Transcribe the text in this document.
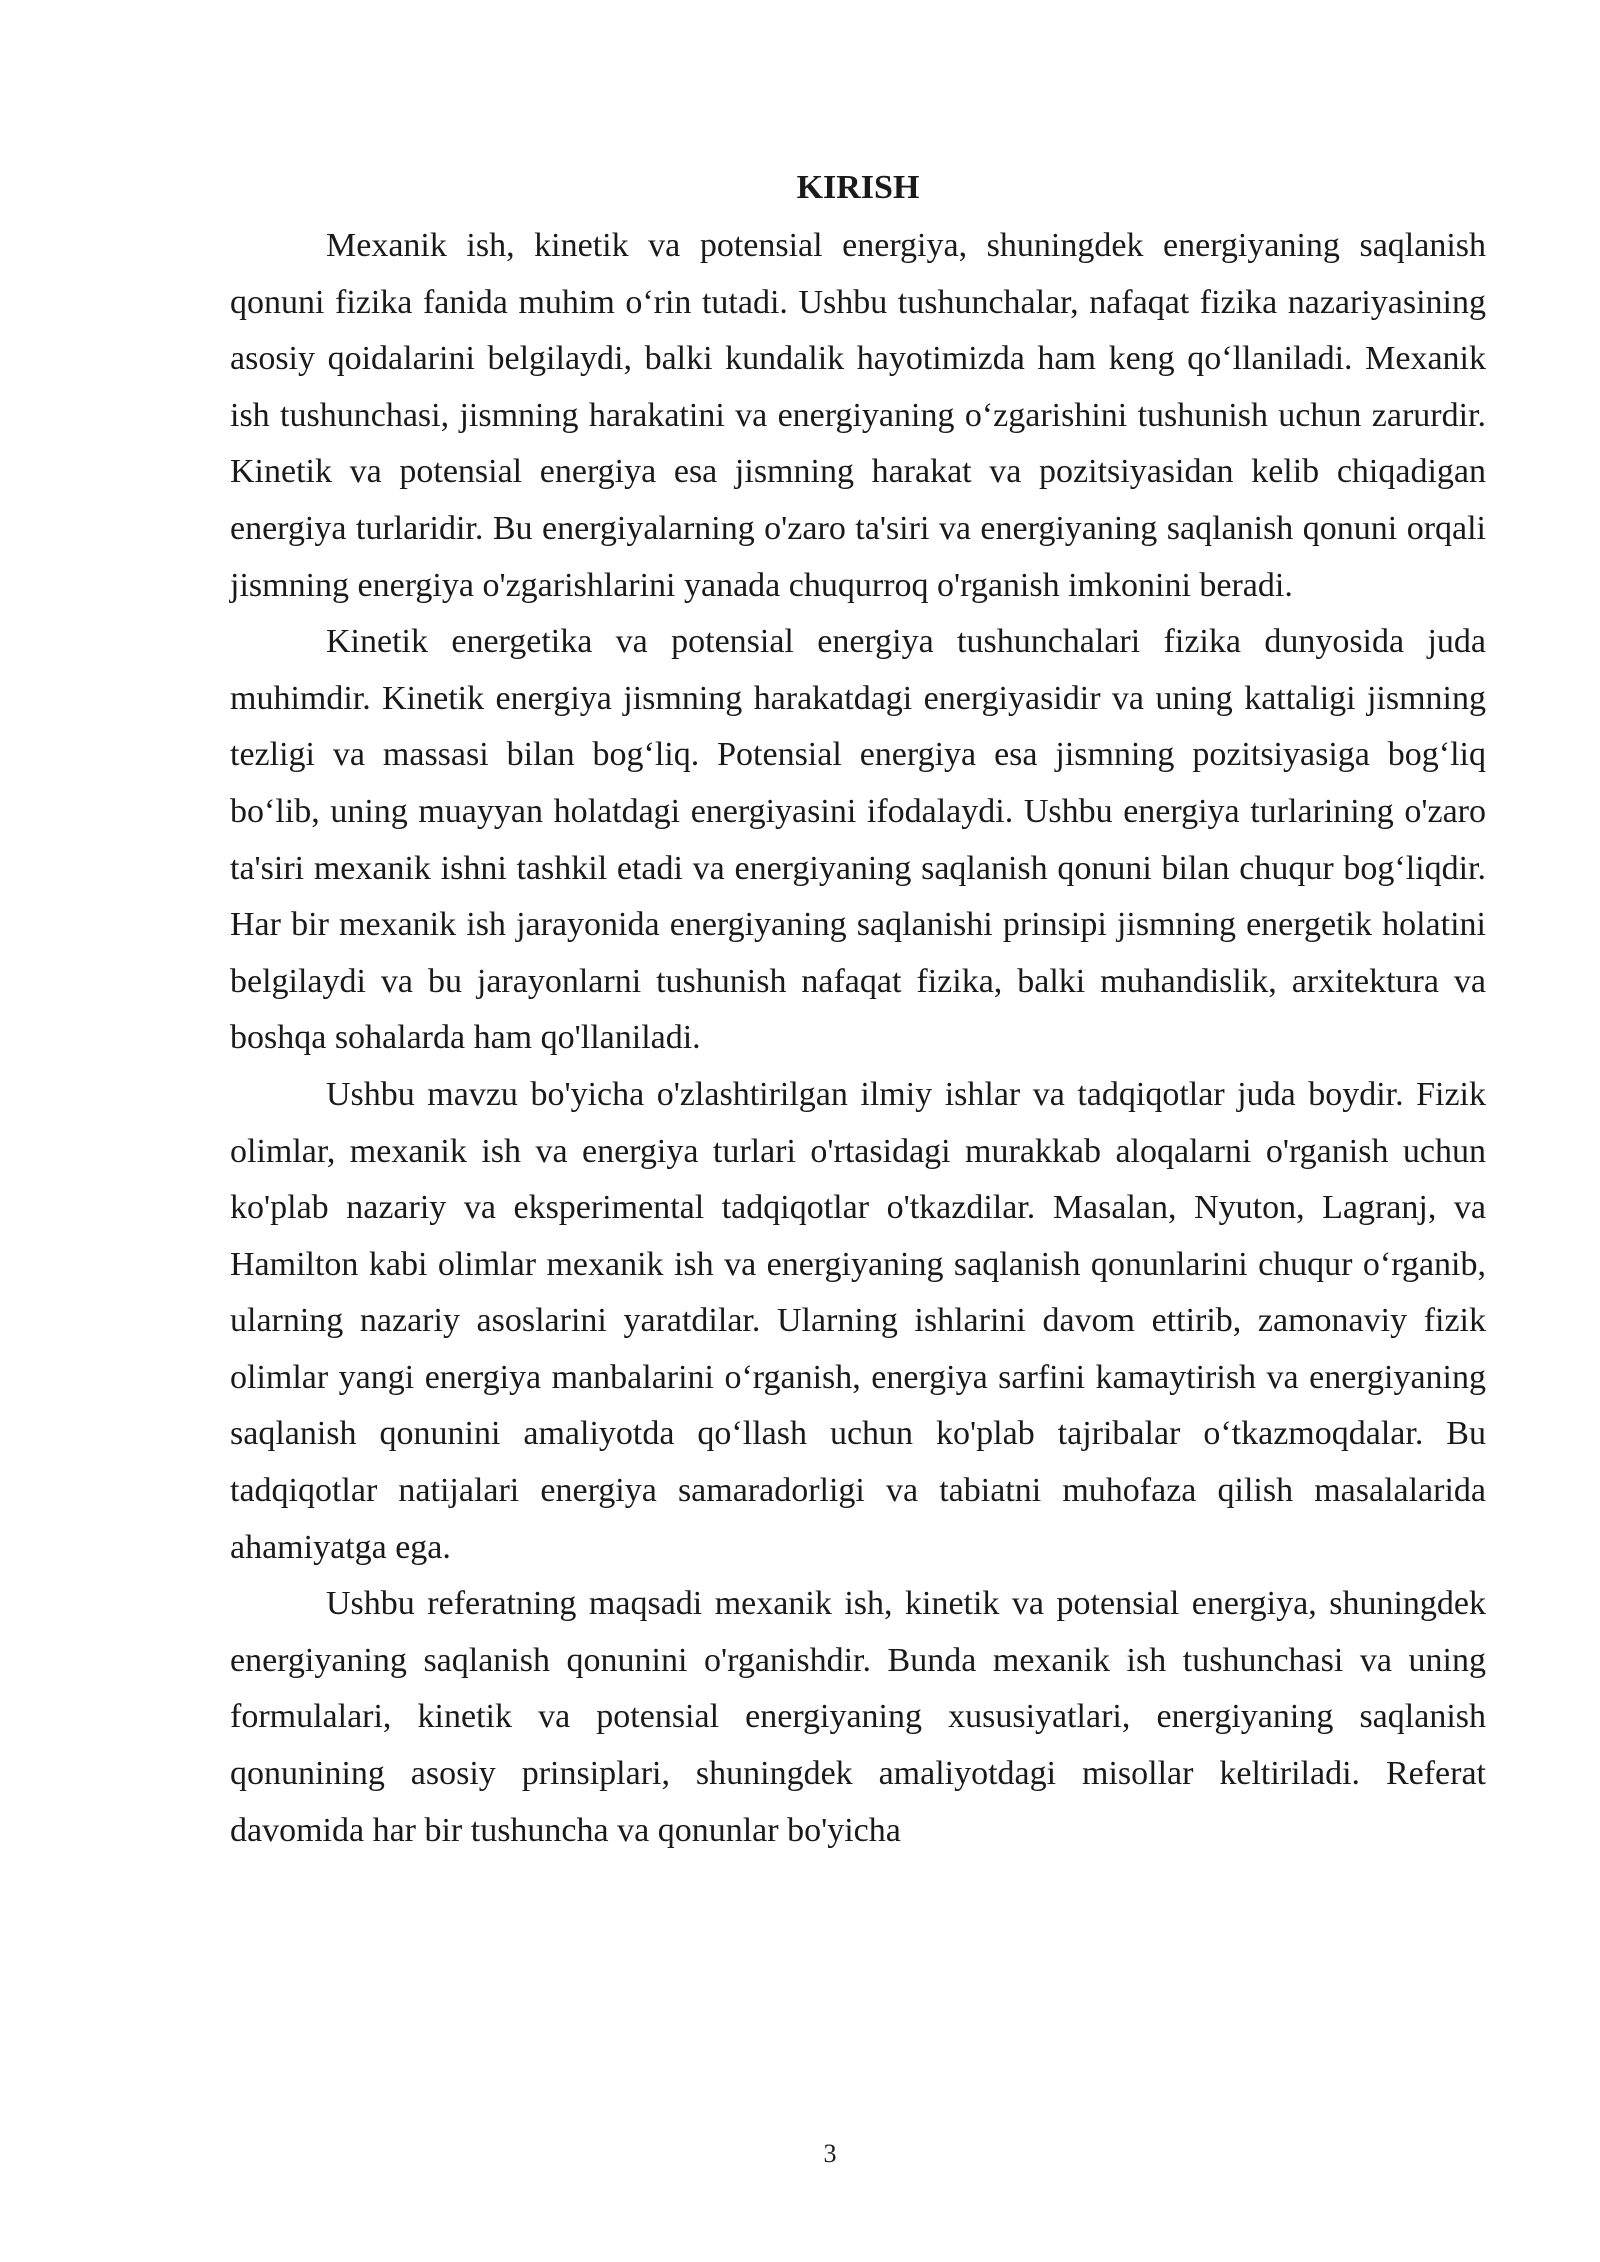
KIRISH

Mexanik ish, kinetik va potensial energiya, shuningdek energiyaning saqlanish qonuni fizika fanida muhim o‘rin tutadi. Ushbu tushunchalar, nafaqat fizika nazariyasining asosiy qoidalarini belgilaydi, balki kundalik hayotimizda ham keng qo‘llaniladi. Mexanik ish tushunchasi, jismning harakatini va energiyaning o‘zgarishini tushunish uchun zarurdir. Kinetik va potensial energiya esa jismning harakat va pozitsiyasidan kelib chiqadigan energiya turlaridir. Bu energiyalarning o'zaro ta'siri va energiyaning saqlanish qonuni orqali jismning energiya o'zgarishlarini yanada chuqurroq o'rganish imkonini beradi.

Kinetik energetika va potensial energiya tushunchalari fizika dunyosida juda muhimdir. Kinetik energiya jismning harakatdagi energiyasidir va uning kattaligi jismning tezligi va massasi bilan bog‘liq. Potensial energiya esa jismning pozitsiyasiga bog‘liq bo‘lib, uning muayyan holatdagi energiyasini ifodalaydi. Ushbu energiya turlarining o'zaro ta'siri mexanik ishni tashkil etadi va energiyaning saqlanish qonuni bilan chuqur bog‘liqdir. Har bir mexanik ish jarayonida energiyaning saqlanishi prinsipi jismning energetik holatini belgilaydi va bu jarayonlarni tushunish nafaqat fizika, balki muhandislik, arxitektura va boshqa sohalarda ham qo'llaniladi.

Ushbu mavzu bo'yicha o'zlashtirilgan ilmiy ishlar va tadqiqotlar juda boydir. Fizik olimlar, mexanik ish va energiya turlari o'rtasidagi murakkab aloqalarni o'rganish uchun ko'plab nazariy va eksperimental tadqiqotlar o'tkazdilar. Masalan, Nyuton, Lagranj, va Hamilton kabi olimlar mexanik ish va energiyaning saqlanish qonunlarini chuqur o‘rganib, ularning nazariy asoslarini yaratdilar. Ularning ishlarini davom ettirib, zamonaviy fizik olimlar yangi energiya manbalarini o‘rganish, energiya sarfini kamaytirish va energiyaning saqlanish qonunini amaliyotda qo‘llash uchun ko'plab tajribalar o‘tkazmoqdalar. Bu tadqiqotlar natijalari energiya samaradorligi va tabiatni muhofaza qilish masalalarida ahamiyatga ega.

Ushbu referatning maqsadi mexanik ish, kinetik va potensial energiya, shuningdek energiyaning saqlanish qonunini o'rganishdir. Bunda mexanik ish tushunchasi va uning formulalari, kinetik va potensial energiyaning xususiyatlari, energiyaning saqlanish qonunining asosiy prinsiplari, shuningdek amaliyotdagi misollar keltiriladi. Referat davomida har bir tushuncha va qonunlar bo'yicha

3
